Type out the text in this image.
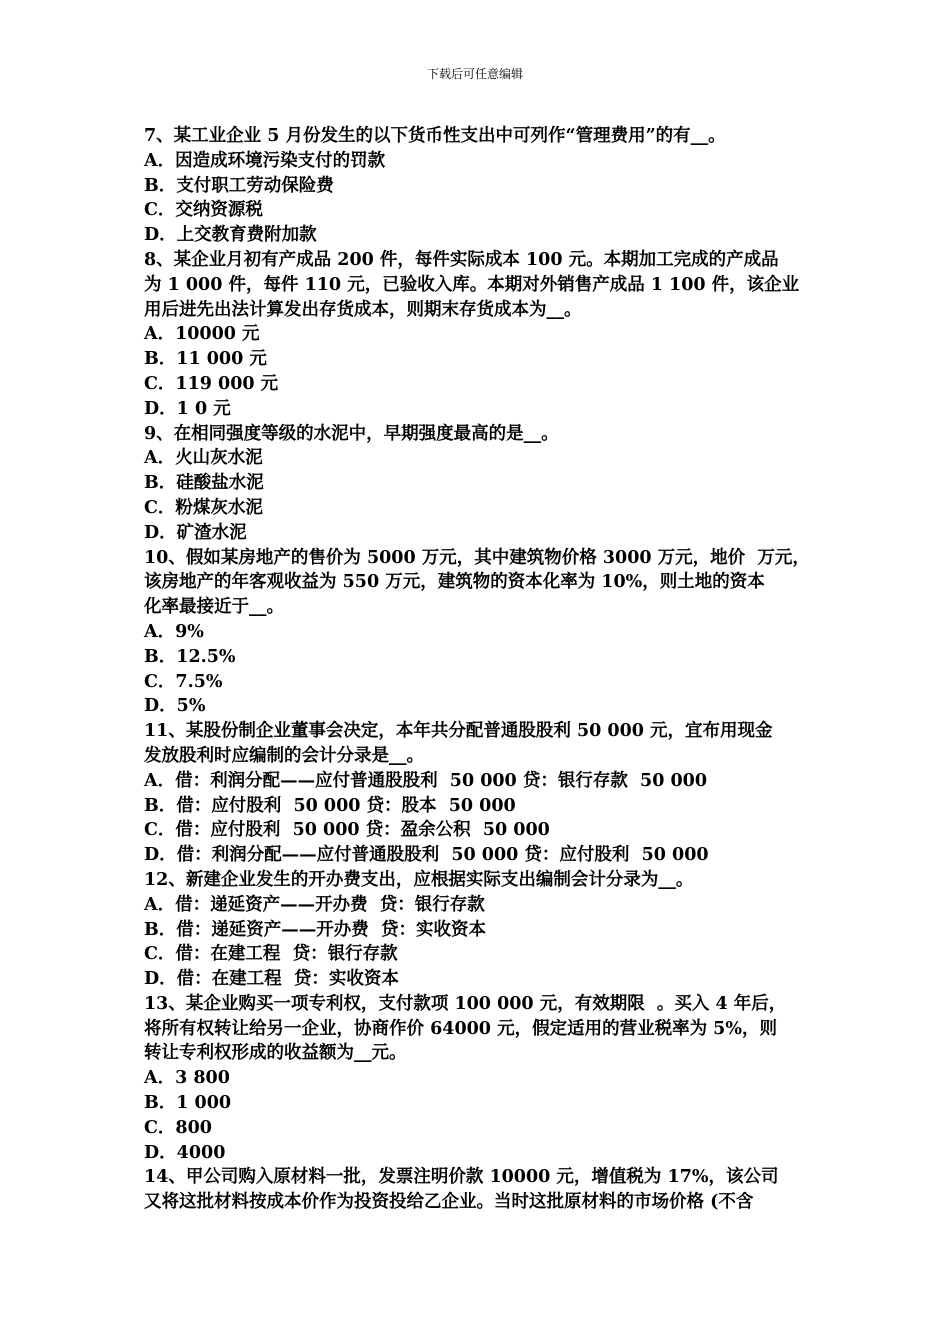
下载后可任意编辑
7、某工业企业 5 月份发生的以下货币性支出中可列作“管理费用”的有__。
A．因造成环境污染支付的罚款
B．支付职工劳动保险费
C．交纳资源税
D．上交教育费附加款
8、某企业月初有产成品 200 件，每件实际成本 100 元。本期加工完成的产成品
为 1 000 件，每件 110 元，已验收入库。本期对外销售产成品 1 100 件，该企业
用后进先出法计算发出存货成本，则期末存货成本为__。
A．10000 元
B．11 000 元
C．119 000 元
D．1 0 元
9、在相同强度等级的水泥中，早期强度最高的是__。
A．火山灰水泥
B．硅酸盐水泥
C．粉煤灰水泥
D．矿渣水泥
10、假如某房地产的售价为 5000 万元，其中建筑物价格 3000 万元，地价  万元，
该房地产的年客观收益为 550 万元，建筑物的资本化率为 10%，则土地的资本
化率最接近于__。
A．9%
B．12.5%
C．7.5%
D．5%
11、某股份制企业董事会决定，本年共分配普通股股利 50 000 元，宜布用现金
发放股利时应编制的会计分录是__。
A．借：利润分配——应付普通股股利  50 000 贷：银行存款  50 000
B．借：应付股利  50 000 贷：股本  50 000
C．借：应付股利  50 000 贷：盈余公积  50 000
D．借：利润分配——应付普通股股利  50 000 贷：应付股利  50 000
12、新建企业发生的开办费支出，应根据实际支出编制会计分录为__。
A．借：递延资产——开办费  贷：银行存款
B．借：递延资产——开办费  贷：实收资本
C．借：在建工程  贷：银行存款
D．借：在建工程  贷：实收资本
13、某企业购买一项专利权，支付款项 100 000 元，有效期限  。买入 4 年后，
将所有权转让给另一企业，协商作价 64000 元，假定适用的营业税率为 5%，则
转让专利权形成的收益额为__元。
A．3 800
B．1 000
C．800
D．4000
14、甲公司购入原材料一批，发票注明价款 10000 元，增值税为 17%，该公司
又将这批材料按成本价作为投资投给乙企业。当时这批原材料的市场价格 (不含
